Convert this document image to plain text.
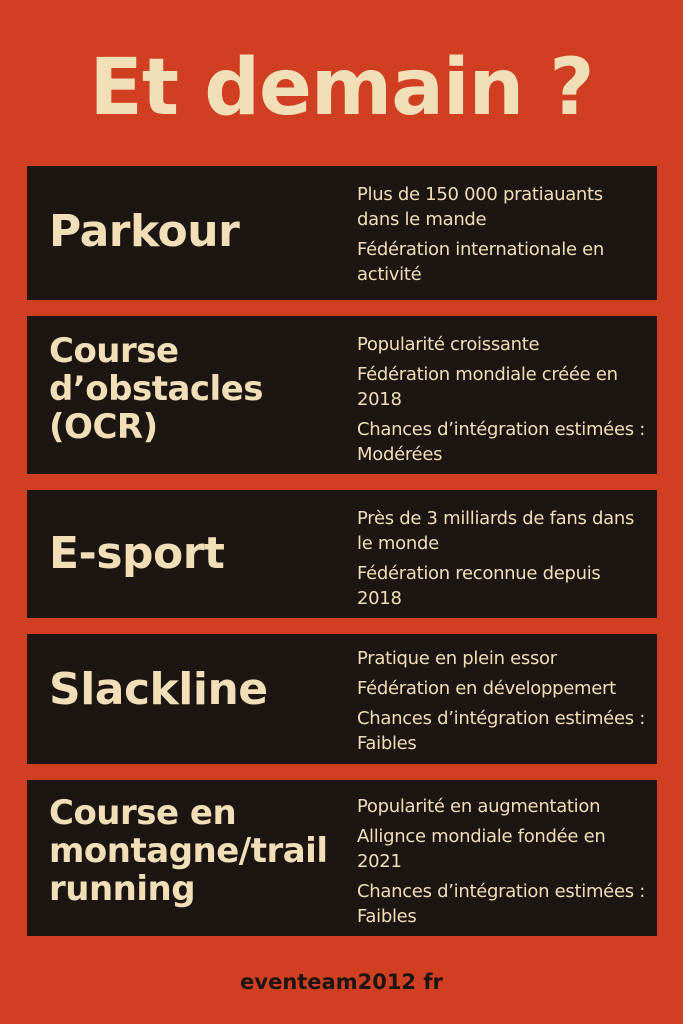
Et demain ?
Parkour
Plus de 150 000 pratiauants dans le mande
Fédération internationale en activité
Course d’obstacles (OCR)
Popularité croissante
Fédération mondiale créée en 2018
Chances d’intégration estimées : Modérées
E-sport
Près de 3 milliards de fans dans le monde
Fédération reconnue depuis 2018
Slackline
Pratique en plein essor
Fédération en développemert
Chances d’intégration estimées : Faibles
Course en montagne/trail running
Popularité en augmentation
Allignce mondiale fondée en 2021
Chances d’intégration estimées : Faibles
eventeam2012 fr
